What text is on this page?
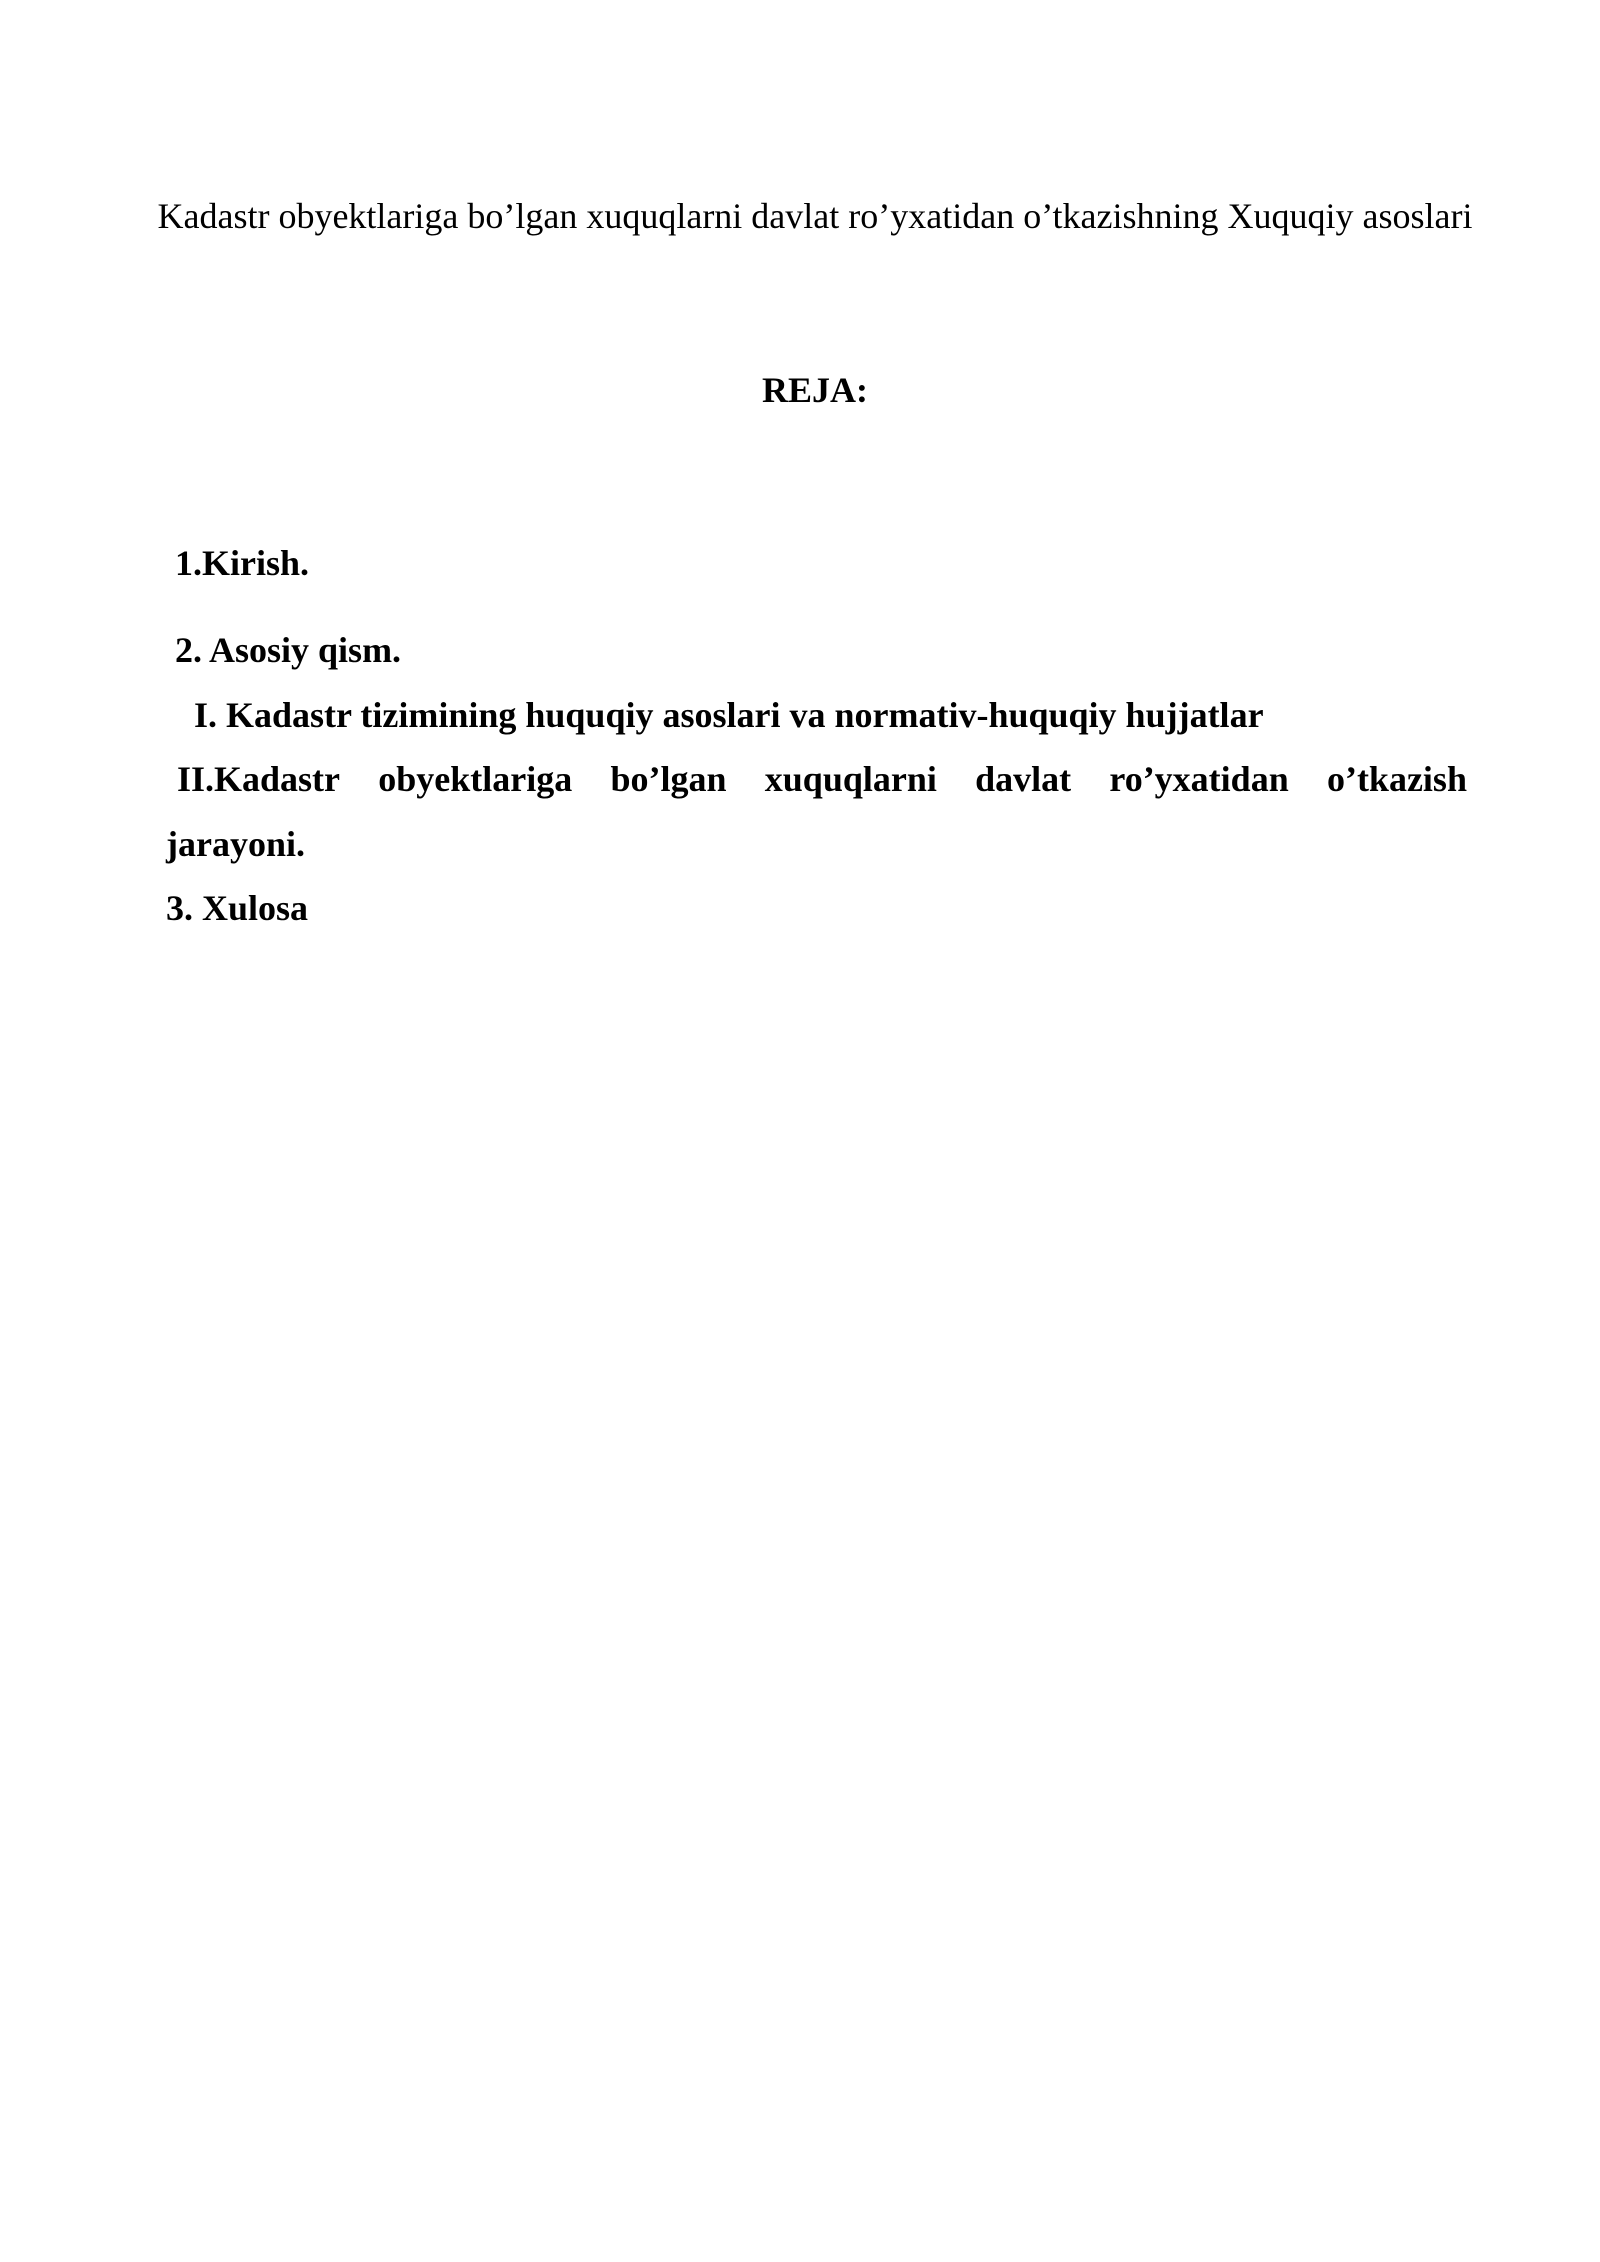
Kadastr obyektlariga bo’lgan xuquqlarni davlat ro’yxatidan o’tkazishning Xuquqiy asoslari

REJA:

1.Kirish.

2. Asosiy qism.

I. Kadastr tizimining huquqiy asoslari va normativ-huquqiy hujjatlar

II.Kadastr obyektlariga bo’lgan xuquqlarni davlat ro’yxatidan o’tkazish

jarayoni.

3. Xulosa
